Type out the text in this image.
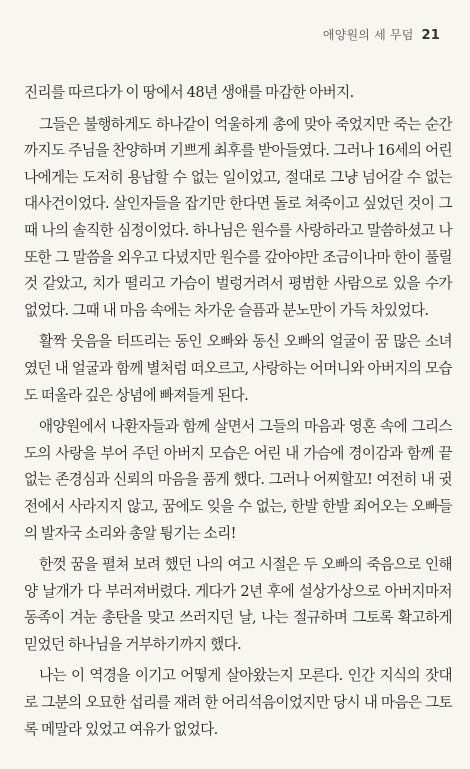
애양원의 세 무덤 21

진리를 따르다가 이 땅에서 48년 생애를 마감한 아버지.

그들은 불행하게도 하나같이 억울하게 총에 맞아 죽었지만 죽는 순간까지도 주님을 찬양하며 기쁘게 최후를 받아들였다. 그러나 16세의 어린 나에게는 도저히 용납할 수 없는 일이었고, 절대로 그냥 넘어갈 수 없는 대사건이었다. 살인자들을 잡기만 한다면 돌로 쳐죽이고 싶었던 것이 그때 나의 솔직한 심정이었다. 하나님은 원수를 사랑하라고 말씀하셨고 나 또한 그 말씀을 외우고 다녔지만 원수를 갚아야만 조금이나마 한이 풀릴 것 같았고, 치가 떨리고 가슴이 벌렁거려서 평범한 사람으로 있을 수가 없었다. 그때 내 마음 속에는 차가운 슬픔과 분노만이 가득 차있었다.

활짝 웃음을 터뜨리는 동인 오빠와 동신 오빠의 얼굴이 꿈 많은 소녀였던 내 얼굴과 함께 별처럼 떠오르고, 사랑하는 어머니와 아버지의 모습도 떠올라 깊은 상념에 빠져들게 된다.

애양원에서 나환자들과 함께 살면서 그들의 마음과 영혼 속에 그리스도의 사랑을 부어 주던 아버지 모습은 어린 내 가슴에 경이감과 함께 끝없는 존경심과 신뢰의 마음을 품게 했다. 그러나 어찌할꼬! 여전히 내 귓전에서 사라지지 않고, 꿈에도 잊을 수 없는, 한발 한발 죄어오는 오빠들의 발자국 소리와 총알 튕기는 소리!

한껏 꿈을 펼쳐 보려 했던 나의 여고 시절은 두 오빠의 죽음으로 인해 양 날개가 다 부러져버렸다. 게다가 2년 후에 설상가상으로 아버지마저 동족이 겨눈 총탄을 맞고 쓰러지던 날, 나는 절규하며 그토록 확고하게 믿었던 하나님을 거부하기까지 했다.

나는 이 역경을 이기고 어떻게 살아왔는지 모른다. 인간 지식의 잣대로 그분의 오묘한 섭리를 재려 한 어리석음이었지만 당시 내 마음은 그토록 메말라 있었고 여유가 없었다.
